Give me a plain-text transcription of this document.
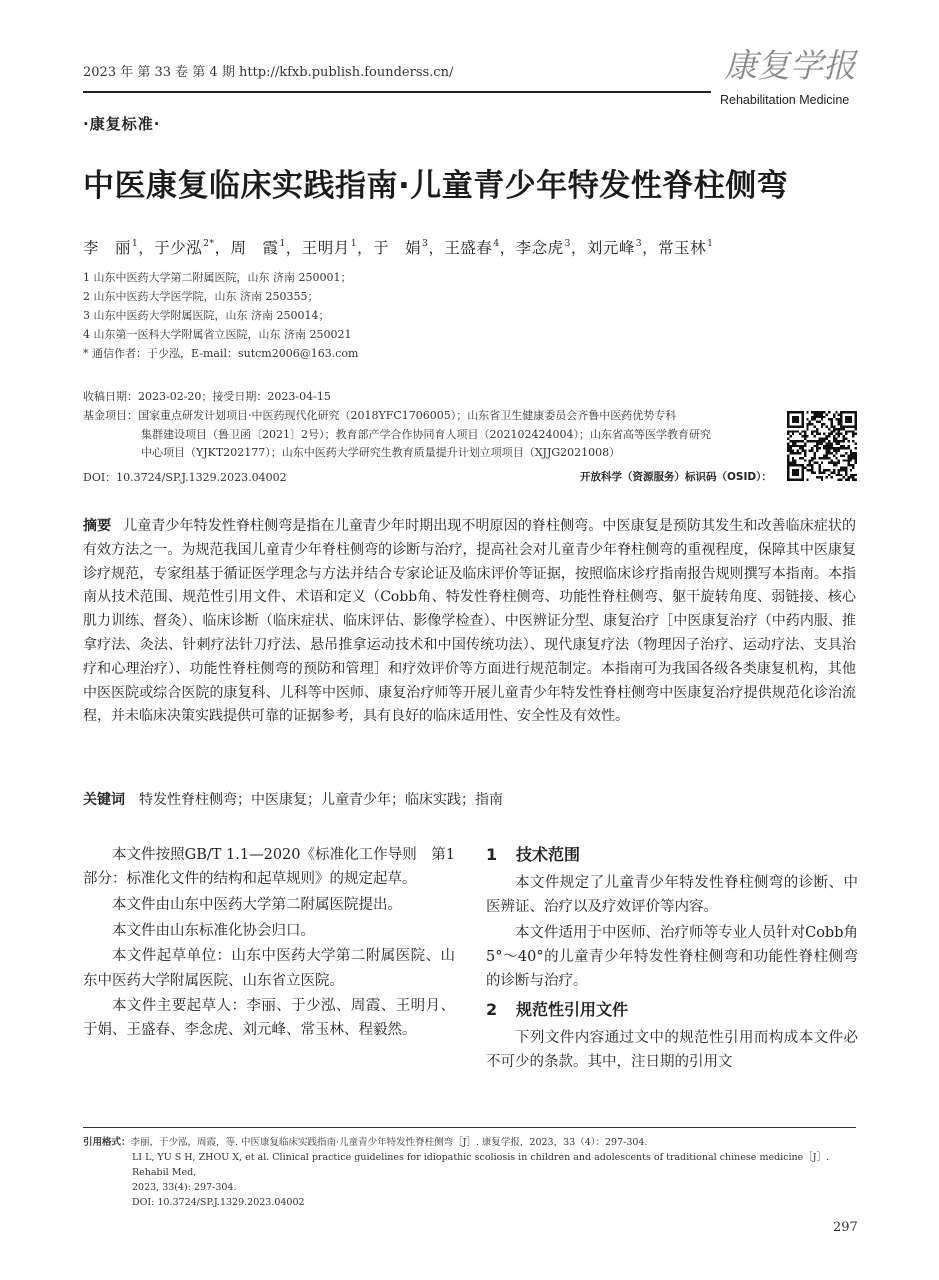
2023 年 第 33 卷 第 4 期 http://kfxb.publish.founderss.cn/	康复学报
Rehabilitation Medicine
·康复标准·
中医康复临床实践指南·儿童青少年特发性脊柱侧弯
李　丽$^1$，于少泓$^{2*}$，周　霞$^1$，王明月$^1$，于　娟$^3$，王盛春$^4$，李念虎$^3$，刘元峰$^3$，常玉林$^1$
1 山东中医药大学第二附属医院，山东 济南 250001；
2 山东中医药大学医学院，山东 济南 250355；
3 山东中医药大学附属医院，山东 济南 250014；
4 山东第一医科大学附属省立医院，山东 济南 250021
* 通信作者：于少泓，E-mail：sutcm2006@163.com
收稿日期：2023-02-20；接受日期：2023-04-15
基金项目：国家重点研发计划项目·中医药现代化研究（2018YFC1706005）；山东省卫生健康委员会齐鲁中医药优势专科
集群建设项目（鲁卫函〔2021〕2号）；教育部产学合作协同育人项目（202102424004）；山东省高等医学教育研究
中心项目（YJKT202177）；山东中医药大学研究生教育质量提升计划立项项目（XJJG2021008）
DOI：10.3724/SP.J.1329.2023.04002	开放科学（资源服务）标识码（OSID）：
摘要 儿童青少年特发性脊柱侧弯是指在儿童青少年时期出现不明原因的脊柱侧弯。中医康复是预防其发生和改善临床症状的有效方法之一。为规范我国儿童青少年脊柱侧弯的诊断与治疗，提高社会对儿童青少年脊柱侧弯的重视程度，保障其中医康复诊疗规范，专家组基于循证医学理念与方法并结合专家论证及临床评价等证据，按照临床诊疗指南报告规则撰写本指南。本指南从技术范围、规范性引用文件、术语和定义（Cobb角、特发性脊柱侧弯、功能性脊柱侧弯、躯干旋转角度、弱链接、核心肌力训练、督灸）、临床诊断（临床症状、临床评估、影像学检查）、中医辨证分型、康复治疗［中医康复治疗（中药内服、推拿疗法、灸法、针刺疗法针刀疗法、悬吊推拿运动技术和中国传统功法）、现代康复疗法（物理因子治疗、运动疗法、支具治疗和心理治疗）、功能性脊柱侧弯的预防和管理］和疗效评价等方面进行规范制定。本指南可为我国各级各类康复机构，其他中医医院或综合医院的康复科、儿科等中医师、康复治疗师等开展儿童青少年特发性脊柱侧弯中医康复治疗提供规范化诊治流程，并未临床决策实践提供可靠的证据参考，具有良好的临床适用性、安全性及有效性。
关键词 特发性脊柱侧弯；中医康复；儿童青少年；临床实践；指南

本文件按照GB/T 1.1—2020《标准化工作导则　第1部分：标准化文件的结构和起草规则》的规定起草。

本文件由山东中医药大学第二附属医院提出。

本文件由山东标准化协会归口。

本文件起草单位：山东中医药大学第二附属医院、山东中医药大学附属医院、山东省立医院。

本文件主要起草人：李丽、于少泓、周霞、王明月、于娟、王盛春、李念虎、刘元峰、常玉林、程毅然。

1 技术范围

本文件规定了儿童青少年特发性脊柱侧弯的诊断、中医辨证、治疗以及疗效评价等内容。

本文件适用于中医师、治疗师等专业人员针对Cobb角5°～40°的儿童青少年特发性脊柱侧弯和功能性脊柱侧弯的诊断与治疗。

2 规范性引用文件

下列文件内容通过文中的规范性引用而构成本文件必不可少的条款。其中，注日期的引用文

引用格式：李丽，于少泓，周霞，等. 中医康复临床实践指南·儿童青少年特发性脊柱侧弯［J］. 康复学报，2023，33（4）：297-304.
LI L, YU S H, ZHOU X, et al. Clinical practice guidelines for idiopathic scoliosis in children and adolescents of traditional chinese medicine［J］. Rehabil Med,
2023, 33(4): 297-304.
DOI: 10.3724/SP.J.1329.2023.04002
297
